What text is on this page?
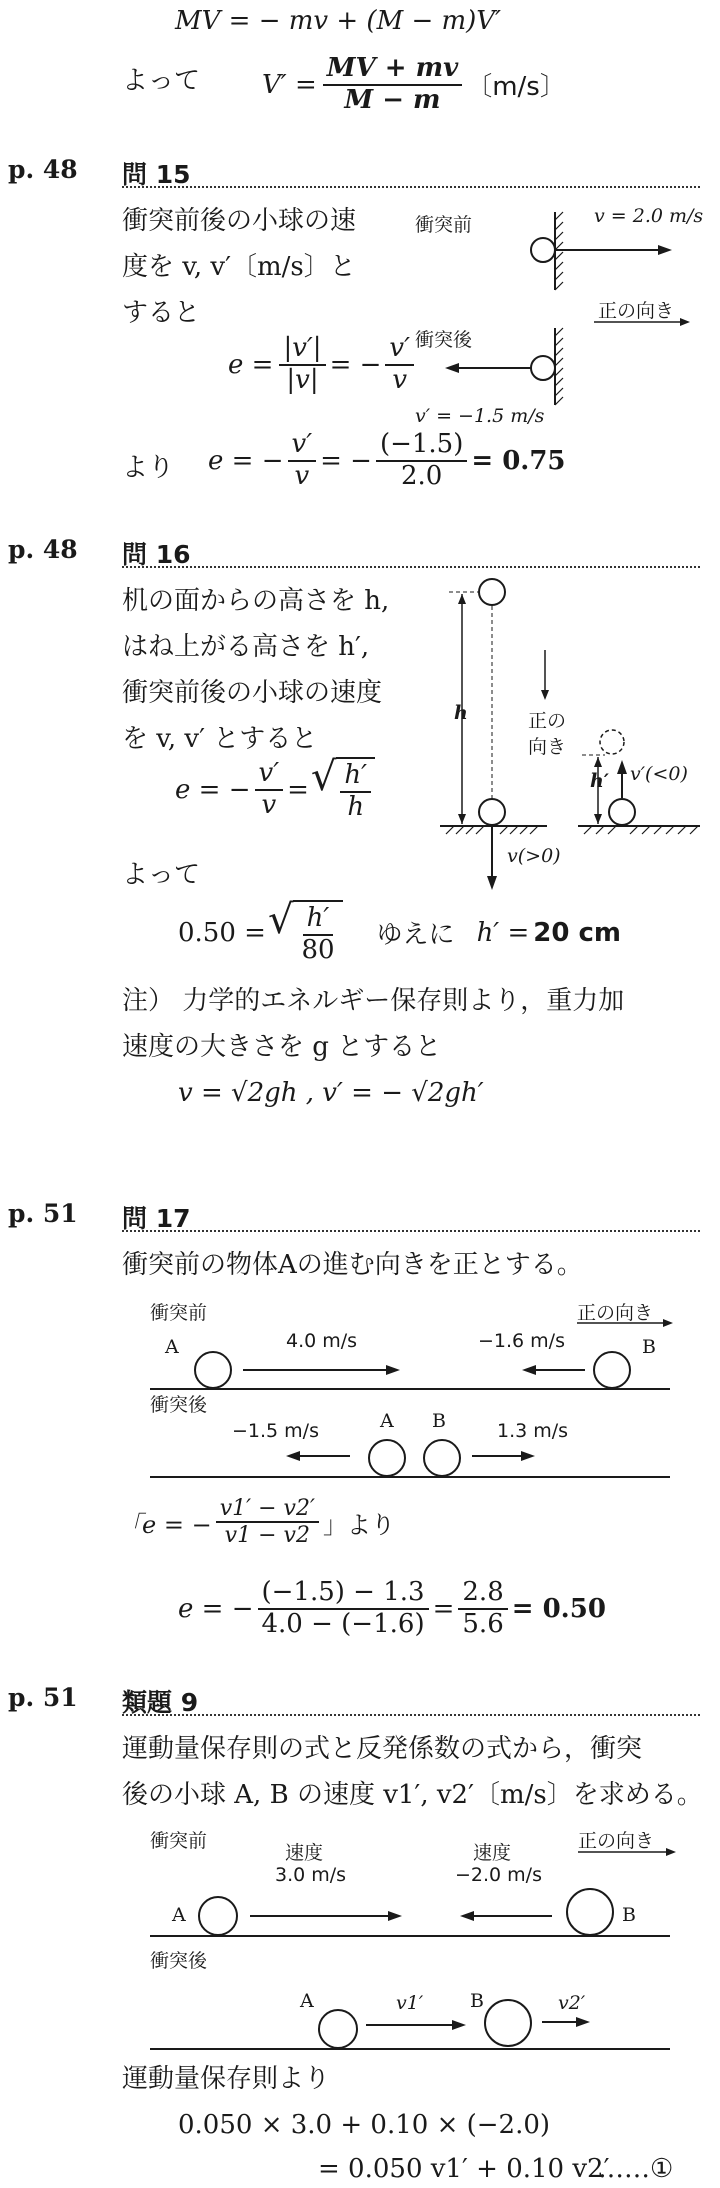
MV = − mv + (M − m)V′
よって $V' = \frac{MV + mv}{M - m}$ 〔m/s〕
p. 48 問 15
衝突前後の小球の速
度を v, v′〔m/s〕と
すると
$e = \frac{|v'|}{|v|}$ = − $\frac{v'}{v}$
より e = − $\frac{v'}{v}$ = − $\frac{(-1.5)}{2.0} = 0.75$
衝突前	v = 2.0 m/s
衝突後
正の向き
v′ = −1.5 m/s
p. 48 問 16
机の面からの高さを h,
はね上がる高さを h′,
衝突前後の小球の速度
を v, v′ とすると
e = − $\frac{v'}{v}$ = √ $\frac{h'}{h}$
よって
0.50 = √ $\frac{h'}{80}$ ゆえに h′ = 20 cm
注） 力学的エネルギー保存則より，重力加
速度の大きさを g とすると
v = √2gh , v′ = − √2gh′
h
h′
正の
向き
v(>0)
v′(<0)
p. 51 問 17
衝突前の物体Aの進む向きを正とする。
衝突前
A	4.0 m/s	−1.6 m/s
正の向き
B
衝突後
−1.5 m/s	A B	1.3 m/s
「e = − $\frac{v1' - v2'}{v1 - v2}$ 」より
e = − $\frac{(-1.5) - 1.3}{4.0 - (-1.6)} = \frac{2.8}{5.6} = 0.50$
p. 51 類題 9
運動量保存則の式と反発係数の式から，衝突
後の小球 A, B の速度 v1′, v2′〔m/s〕を求める。
衝突前
速度
3.0 m/s
速度
−2.0 m/s
正の向き
A	B
衝突後
A	v1′ B	v2′
運動量保存則より
0.050 × 3.0 + 0.10 × (−2.0)
= 0.050 v1′ + 0.10 v2′
……①
